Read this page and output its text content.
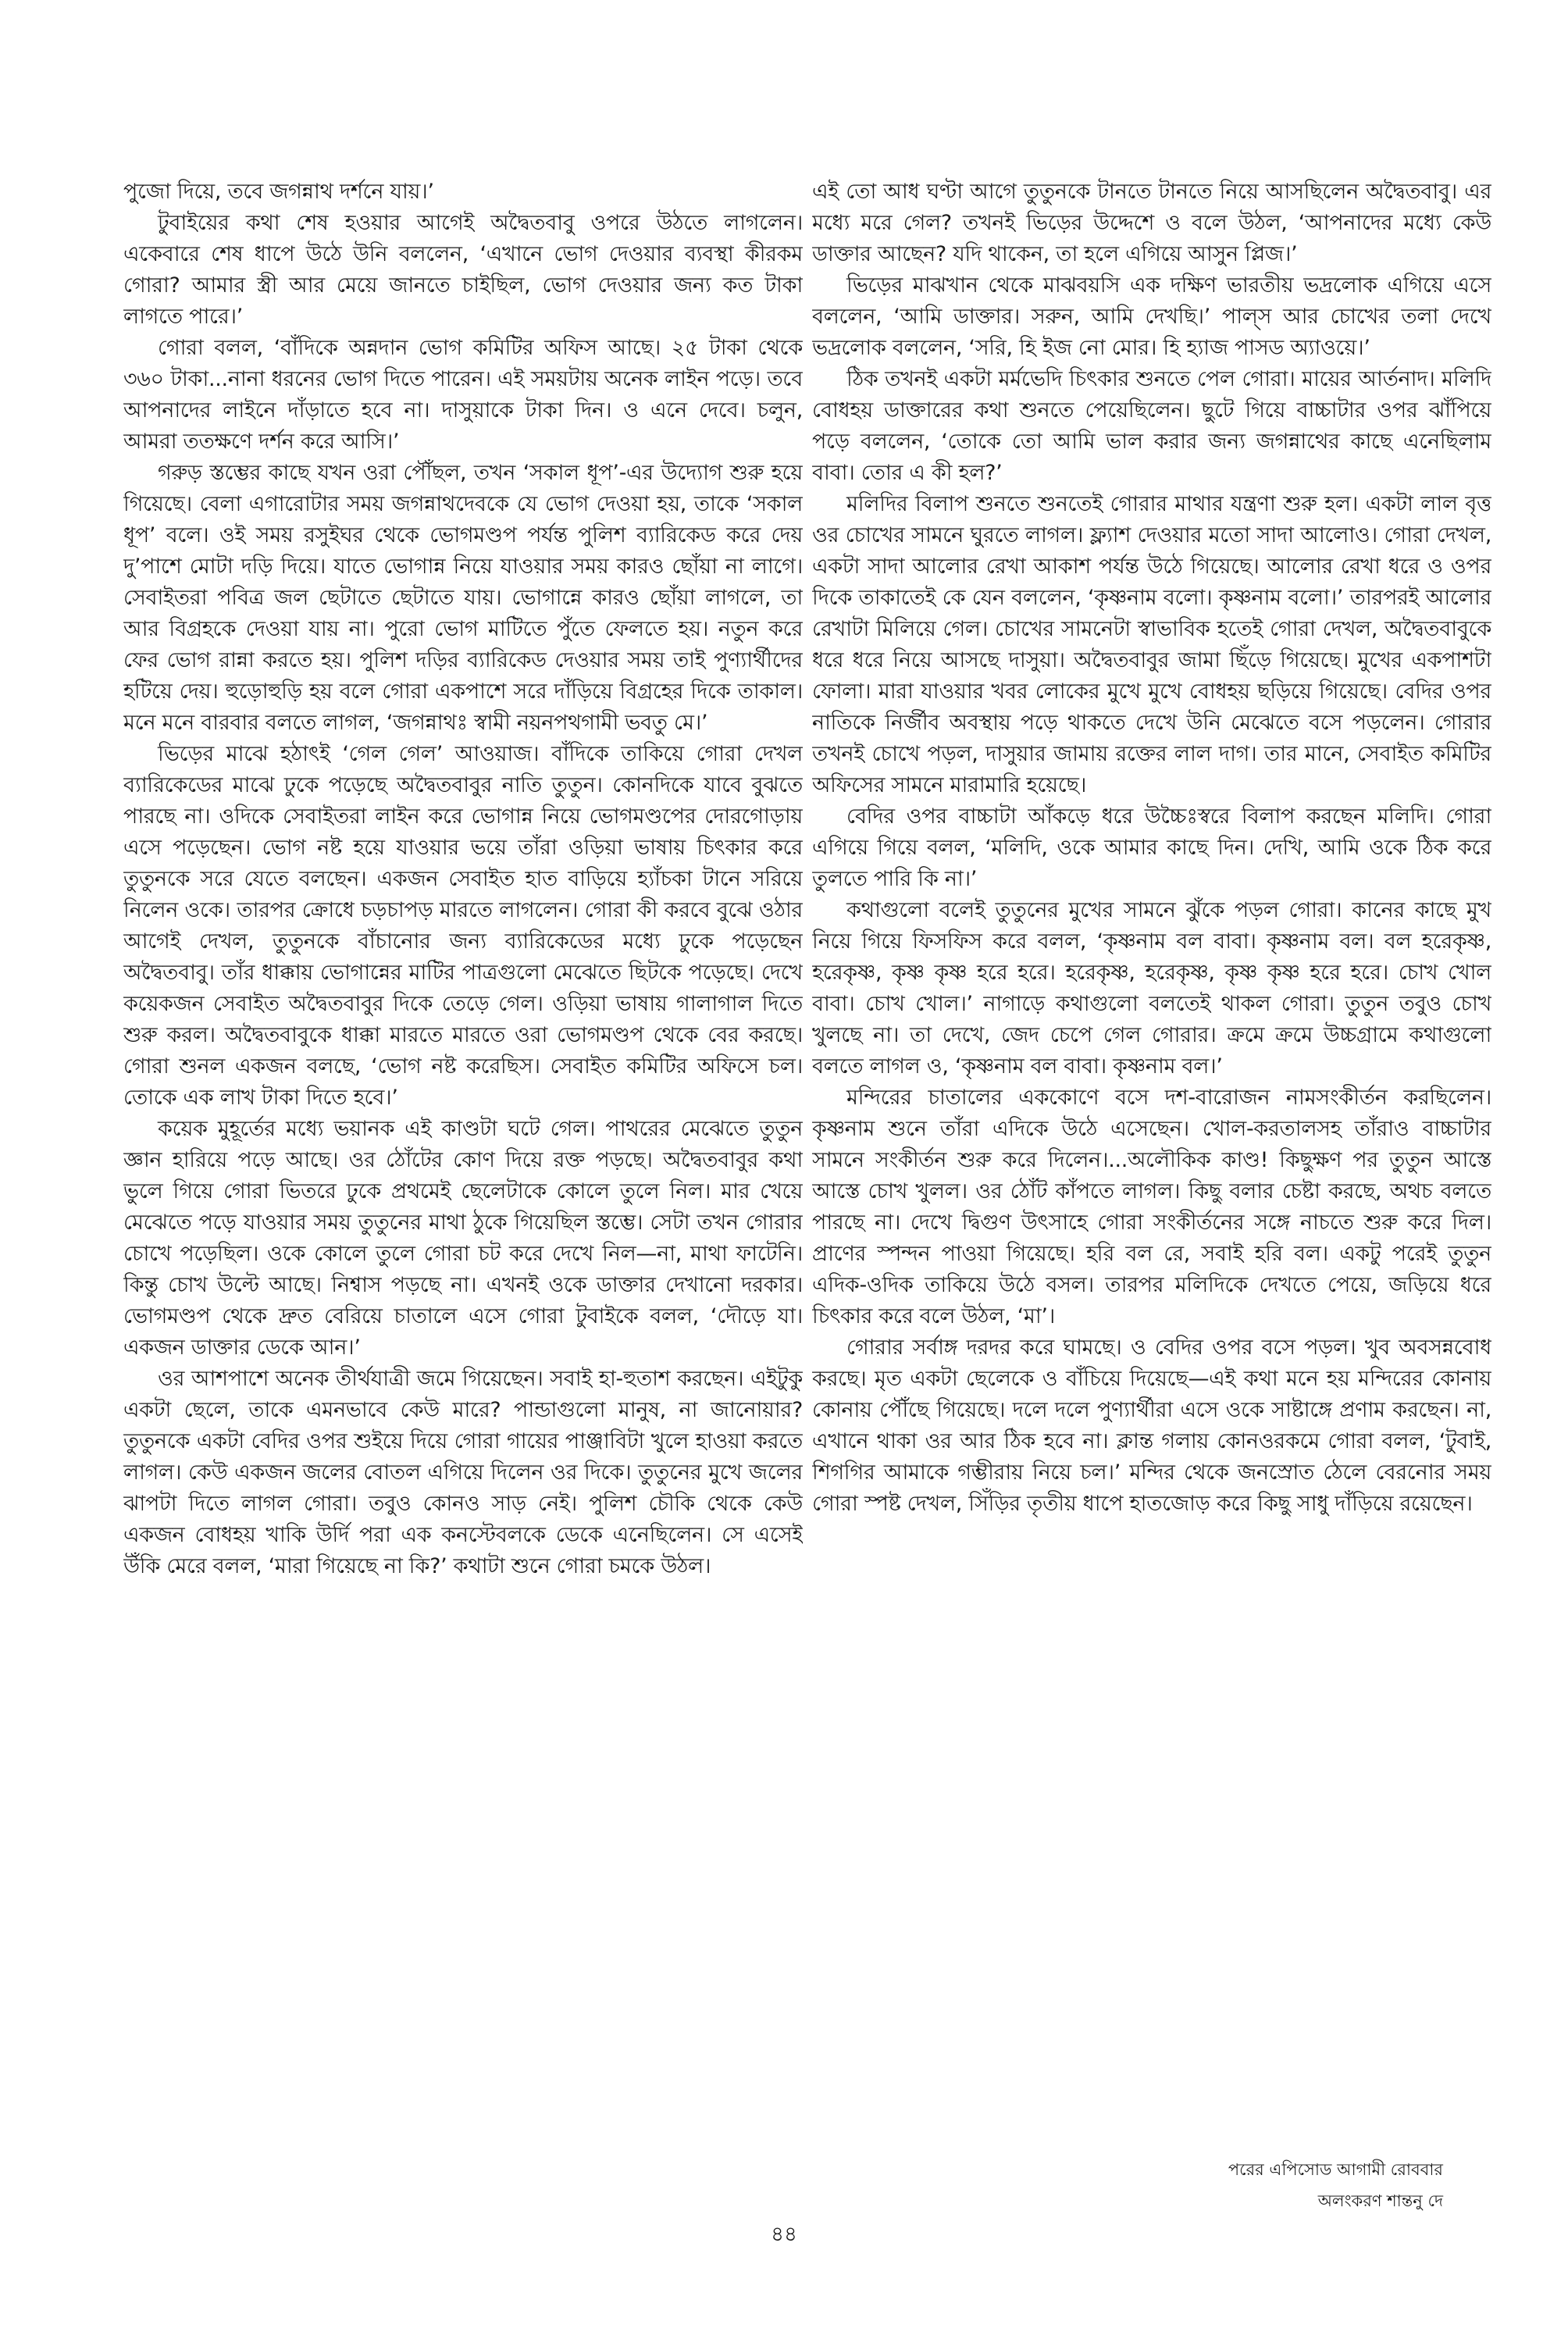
পুজো দিয়ে, তবে জগন্নাথ দর্শনে যায়।’

টুবাইয়ের কথা শেষ হওয়ার আগেই অদ্বৈতবাবু ওপরে উঠতে লাগলেন। একেবারে শেষ ধাপে উঠে উনি বললেন, ‘এখানে ভোগ দেওয়ার ব্যবস্থা কীরকম গোরা? আমার স্ত্রী আর মেয়ে জানতে চাইছিল, ভোগ দেওয়ার জন্য কত টাকা লাগতে পারে।’

গোরা বলল, ‘বাঁদিকে অন্নদান ভোগ কমিটির অফিস আছে। ২৫ টাকা থেকে ৩৬০ টাকা...নানা ধরনের ভোগ দিতে পারেন। এই সময়টায় অনেক লাইন পড়ে। তবে আপনাদের লাইনে দাঁড়াতে হবে না। দাসুয়াকে টাকা দিন। ও এনে দেবে। চলুন, আমরা ততক্ষণে দর্শন করে আসি।’

গরুড় স্তম্ভের কাছে যখন ওরা পৌঁছল, তখন ‘সকাল ধূপ’-এর উদ্যোগ শুরু হয়ে গিয়েছে। বেলা এগারোটার সময় জগন্নাথদেবকে যে ভোগ দেওয়া হয়, তাকে ‘সকাল ধূপ’ বলে। ওই সময় রসুইঘর থেকে ভোগমণ্ডপ পর্যন্ত পুলিশ ব্যারিকেড করে দেয় দু’পাশে মোটা দড়ি দিয়ে। যাতে ভোগান্ন নিয়ে যাওয়ার সময় কারও ছোঁয়া না লাগে। সেবাইতরা পবিত্র জল ছেটাতে ছেটাতে যায়। ভোগান্নে কারও ছোঁয়া লাগলে, তা আর বিগ্রহকে দেওয়া যায় না। পুরো ভোগ মাটিতে পুঁতে ফেলতে হয়। নতুন করে ফের ভোগ রান্না করতে হয়। পুলিশ দড়ির ব্যারিকেড দেওয়ার সময় তাই পুণ্যার্থীদের হটিয়ে দেয়। হুড়োহুড়ি হয় বলে গোরা একপাশে সরে দাঁড়িয়ে বিগ্রহের দিকে তাকাল। মনে মনে বারবার বলতে লাগল, ‘জগন্নাথঃ স্বামী নয়নপথগামী ভবতু মে।’

ভিড়ের মাঝে হঠাৎই ‘গেল গেল’ আওয়াজ। বাঁদিকে তাকিয়ে গোরা দেখল ব্যারিকেডের মাঝে ঢুকে পড়েছে অদ্বৈতবাবুর নাতি তুতুন। কোনদিকে যাবে বুঝতে পারছে না। ওদিকে সেবাইতরা লাইন করে ভোগান্ন নিয়ে ভোগমণ্ডপের দোরগোড়ায় এসে পড়েছেন। ভোগ নষ্ট হয়ে যাওয়ার ভয়ে তাঁরা ওড়িয়া ভাষায় চিৎকার করে তুতুনকে সরে যেতে বলছেন। একজন সেবাইত হাত বাড়িয়ে হ্যাঁচকা টানে সরিয়ে নিলেন ওকে। তারপর ক্রোধে চড়চাপড় মারতে লাগলেন। গোরা কী করবে বুঝে ওঠার আগেই দেখল, তুতুনকে বাঁচানোর জন্য ব্যারিকেডের মধ্যে ঢুকে পড়েছেন অদ্বৈতবাবু। তাঁর ধাক্কায় ভোগান্নের মাটির পাত্রগুলো মেঝেতে ছিটকে পড়েছে। দেখে কয়েকজন সেবাইত অদ্বৈতবাবুর দিকে তেড়ে গেল। ওড়িয়া ভাষায় গালাগাল দিতে শুরু করল। অদ্বৈতবাবুকে ধাক্কা মারতে মারতে ওরা ভোগমণ্ডপ থেকে বের করছে। গোরা শুনল একজন বলছে, ‘ভোগ নষ্ট করেছিস। সেবাইত কমিটির অফিসে চল। তোকে এক লাখ টাকা দিতে হবে।’

কয়েক মুহূর্তের মধ্যে ভয়ানক এই কাণ্ডটা ঘটে গেল। পাথরের মেঝেতে তুতুন জ্ঞান হারিয়ে পড়ে আছে। ওর ঠোঁটের কোণ দিয়ে রক্ত পড়ছে। অদ্বৈতবাবুর কথা ভুলে গিয়ে গোরা ভিতরে ঢুকে প্রথমেই ছেলেটাকে কোলে তুলে নিল। মার খেয়ে মেঝেতে পড়ে যাওয়ার সময় তুতুনের মাথা ঠুকে গিয়েছিল স্তম্ভে। সেটা তখন গোরার চোখে পড়েছিল। ওকে কোলে তুলে গোরা চট করে দেখে নিল—না, মাথা ফাটেনি। কিন্তু চোখ উল্টে আছে। নিশ্বাস পড়ছে না। এখনই ওকে ডাক্তার দেখানো দরকার। ভোগমণ্ডপ থেকে দ্রুত বেরিয়ে চাতালে এসে গোরা টুবাইকে বলল, ‘দৌড়ে যা। একজন ডাক্তার ডেকে আন।’

ওর আশপাশে অনেক তীর্থযাত্রী জমে গিয়েছেন। সবাই হা-হুতাশ করছেন। এইটুকু একটা ছেলে, তাকে এমনভাবে কেউ মারে? পান্ডাগুলো মানুষ, না জানোয়ার? তুতুনকে একটা বেদির ওপর শুইয়ে দিয়ে গোরা গায়ের পাঞ্জাবিটা খুলে হাওয়া করতে লাগল। কেউ একজন জলের বোতল এগিয়ে দিলেন ওর দিকে। তুতুনের মুখে জলের ঝাপটা দিতে লাগল গোরা। তবুও কোনও সাড় নেই। পুলিশ চৌকি থেকে কেউ একজন বোধহয় খাকি উর্দি পরা এক কনস্টেবলকে ডেকে এনেছিলেন। সে এসেই উঁকি মেরে বলল, ‘মারা গিয়েছে না কি?’ কথাটা শুনে গোরা চমকে উঠল।

এই তো আধ ঘণ্টা আগে তুতুনকে টানতে টানতে নিয়ে আসছিলেন অদ্বৈতবাবু। এর মধ্যে মরে গেল? তখনই ভিড়ের উদ্দেশে ও বলে উঠল, ‘আপনাদের মধ্যে কেউ ডাক্তার আছেন? যদি থাকেন, তা হলে এগিয়ে আসুন প্লিজ।’

ভিড়ের মাঝখান থেকে মাঝবয়সি এক দক্ষিণ ভারতীয় ভদ্রলোক এগিয়ে এসে বললেন, ‘আমি ডাক্তার। সরুন, আমি দেখছি।’ পাল্‌স আর চোখের তলা দেখে ভদ্রলোক বললেন, ‘সরি, হি ইজ নো মোর। হি হ্যাজ পাসড অ্যাওয়ে।’

ঠিক তখনই একটা মর্মভেদি চিৎকার শুনতে পেল গোরা। মায়ের আর্তনাদ। মলিদি বোধহয় ডাক্তারের কথা শুনতে পেয়েছিলেন। ছুটে গিয়ে বাচ্চাটার ওপর ঝাঁপিয়ে পড়ে বললেন, ‘তোকে তো আমি ভাল করার জন্য জগন্নাথের কাছে এনেছিলাম বাবা। তোর এ কী হল?’

মলিদির বিলাপ শুনতে শুনতেই গোরার মাথার যন্ত্রণা শুরু হল। একটা লাল বৃত্ত ওর চোখের সামনে ঘুরতে লাগল। ফ্ল্যাশ দেওয়ার মতো সাদা আলোও। গোরা দেখল, একটা সাদা আলোর রেখা আকাশ পর্যন্ত উঠে গিয়েছে। আলোর রেখা ধরে ও ওপর দিকে তাকাতেই কে যেন বললেন, ‘কৃষ্ণনাম বলো। কৃষ্ণনাম বলো।’ তারপরই আলোর রেখাটা মিলিয়ে গেল। চোখের সামনেটা স্বাভাবিক হতেই গোরা দেখল, অদ্বৈতবাবুকে ধরে ধরে নিয়ে আসছে দাসুয়া। অদ্বৈতবাবুর জামা ছিঁড়ে গিয়েছে। মুখের একপাশটা ফোলা। মারা যাওয়ার খবর লোকের মুখে মুখে বোধহয় ছড়িয়ে গিয়েছে। বেদির ওপর নাতিকে নির্জীব অবস্থায় পড়ে থাকতে দেখে উনি মেঝেতে বসে পড়লেন। গোরার তখনই চোখে পড়ল, দাসুয়ার জামায় রক্তের লাল দাগ। তার মানে, সেবাইত কমিটির অফিসের সামনে মারামারি হয়েছে।

বেদির ওপর বাচ্চাটা আঁকড়ে ধরে উচ্চৈঃস্বরে বিলাপ করছেন মলিদি। গোরা এগিয়ে গিয়ে বলল, ‘মলিদি, ওকে আমার কাছে দিন। দেখি, আমি ওকে ঠিক করে তুলতে পারি কি না।’

কথাগুলো বলেই তুতুনের মুখের সামনে ঝুঁকে পড়ল গোরা। কানের কাছে মুখ নিয়ে গিয়ে ফিসফিস করে বলল, ‘কৃষ্ণনাম বল বাবা। কৃষ্ণনাম বল। বল হরেকৃষ্ণ, হরেকৃষ্ণ, কৃষ্ণ কৃষ্ণ হরে হরে। হরেকৃষ্ণ, হরেকৃষ্ণ, কৃষ্ণ কৃষ্ণ হরে হরে। চোখ খোল বাবা। চোখ খোল।’ নাগাড়ে কথাগুলো বলতেই থাকল গোরা। তুতুন তবুও চোখ খুলছে না। তা দেখে, জেদ চেপে গেল গোরার। ক্রমে ক্রমে উচ্চগ্রামে কথাগুলো বলতে লাগল ও, ‘কৃষ্ণনাম বল বাবা। কৃষ্ণনাম বল।’

মন্দিরের চাতালের এককোণে বসে দশ-বারোজন নামসংকীর্তন করছিলেন। কৃষ্ণনাম শুনে তাঁরা এদিকে উঠে এসেছেন। খোল-করতালসহ তাঁরাও বাচ্চাটার সামনে সংকীর্তন শুরু করে দিলেন।...অলৌকিক কাণ্ড! কিছুক্ষণ পর তুতুন আস্তে আস্তে চোখ খুলল। ওর ঠোঁট কাঁপতে লাগল। কিছু বলার চেষ্টা করছে, অথচ বলতে পারছে না। দেখে দ্বিগুণ উৎসাহে গোরা সংকীর্তনের সঙ্গে নাচতে শুরু করে দিল। প্রাণের স্পন্দন পাওয়া গিয়েছে। হরি বল রে, সবাই হরি বল। একটু পরেই তুতুন এদিক-ওদিক তাকিয়ে উঠে বসল। তারপর মলিদিকে দেখতে পেয়ে, জড়িয়ে ধরে চিৎকার করে বলে উঠল, ‘মা’।

গোরার সর্বাঙ্গ দরদর করে ঘামছে। ও বেদির ওপর বসে পড়ল। খুব অবসন্নবোধ করছে। মৃত একটা ছেলেকে ও বাঁচিয়ে দিয়েছে—এই কথা মনে হয় মন্দিরের কোনায় কোনায় পৌঁছে গিয়েছে। দলে দলে পুণ্যার্থীরা এসে ওকে সাষ্টাঙ্গে প্রণাম করছেন। না, এখানে থাকা ওর আর ঠিক হবে না। ক্লান্ত গলায় কোনওরকমে গোরা বলল, ‘টুবাই, শিগগির আমাকে গম্ভীরায় নিয়ে চল।’ মন্দির থেকে জনস্রোত ঠেলে বেরনোর সময় গোরা স্পষ্ট দেখল, সিঁড়ির তৃতীয় ধাপে হাতজোড় করে কিছু সাধু দাঁড়িয়ে রয়েছেন।

পরের এপিসোড আগামী রোববার
অলংকরণ শান্তনু দে
৪৪
